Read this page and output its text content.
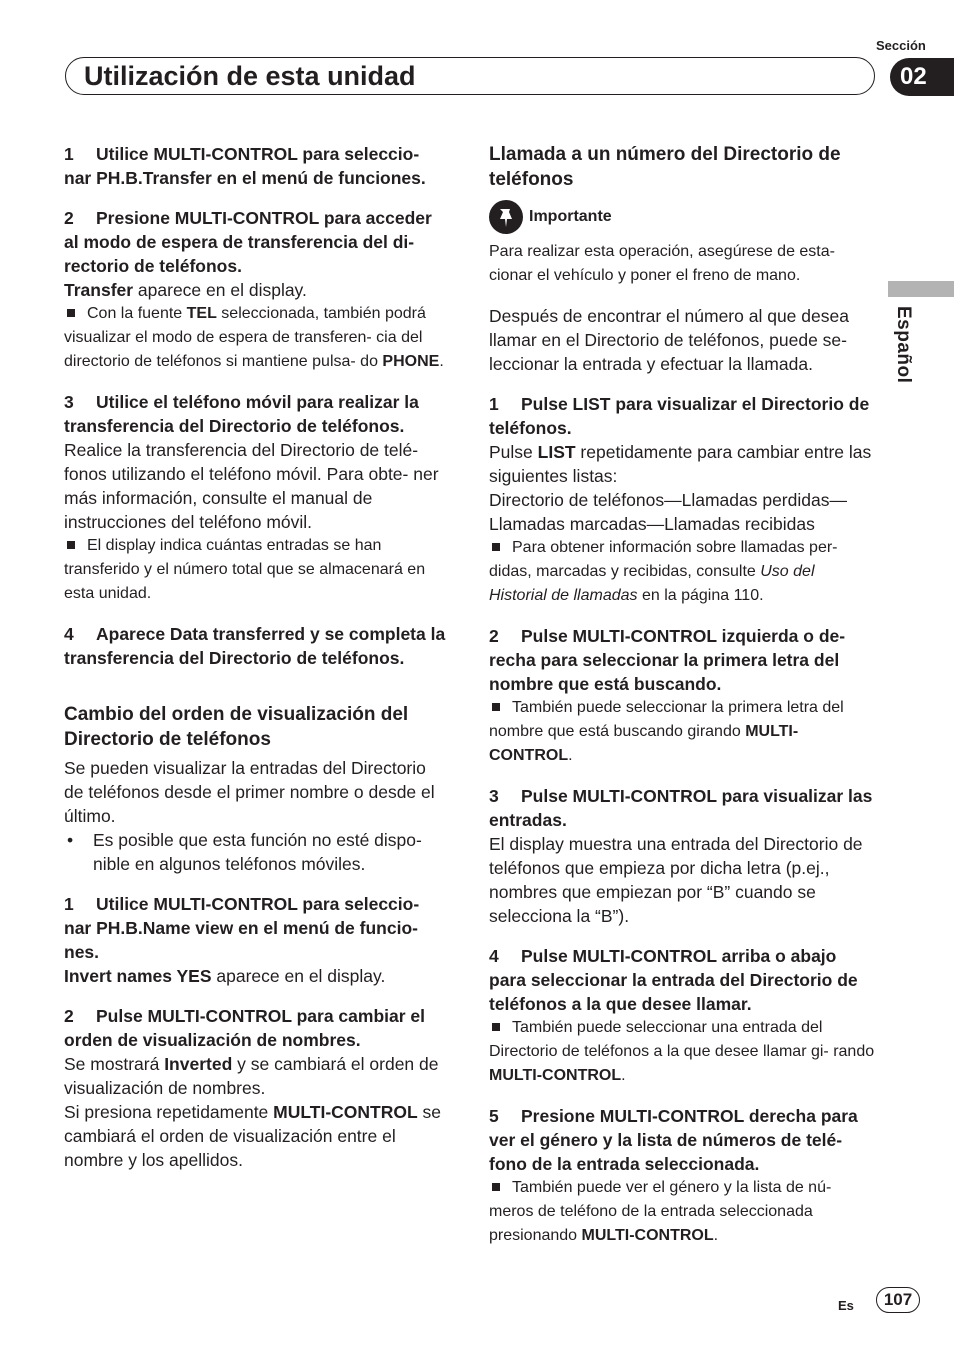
Utilización de esta unidad
Sección
02
Español

1 Utilice MULTI-CONTROL para seleccio- nar PH.B.Transfer en el menú de funciones.

2 Presione MULTI-CONTROL para acceder al modo de espera de transferencia del di- rectorio de teléfonos.

Transfer aparece en el display.

Con la fuente TEL seleccionada, también podrá visualizar el modo de espera de transferen- cia del directorio de teléfonos si mantiene pulsa- do PHONE.

3 Utilice el teléfono móvil para realizar la transferencia del Directorio de teléfonos.

Realice la transferencia del Directorio de telé- fonos utilizando el teléfono móvil. Para obte- ner más información, consulte el manual de instrucciones del teléfono móvil.

El display indica cuántas entradas se han transferido y el número total que se almacenará en esta unidad.

4 Aparece Data transferred y se completa la transferencia del Directorio de teléfonos.

Cambio del orden de visualización del Directorio de teléfonos

Se pueden visualizar la entradas del Directorio de teléfonos desde el primer nombre o desde el último.

•	Es posible que esta función no esté dispo- nible en algunos teléfonos móviles.

1 Utilice MULTI-CONTROL para seleccio- nar PH.B.Name view en el menú de funcio- nes.

Invert names YES aparece en el display.

2 Pulse MULTI-CONTROL para cambiar el orden de visualización de nombres.

Se mostrará Inverted y se cambiará el orden de visualización de nombres.
Si presiona repetidamente MULTI-CONTROL se cambiará el orden de visualización entre el nombre y los apellidos.

Llamada a un número del Directorio de teléfonos

Importante

Para realizar esta operación, asegúrese de esta- cionar el vehículo y poner el freno de mano.

Después de encontrar el número al que desea llamar en el Directorio de teléfonos, puede se- leccionar la entrada y efectuar la llamada.

1 Pulse LIST para visualizar el Directorio de teléfonos.

Pulse LIST repetidamente para cambiar entre las siguientes listas:

Directorio de teléfonos—Llamadas perdidas—Llamadas marcadas—Llamadas recibidas

Para obtener información sobre llamadas per- didas, marcadas y recibidas, consulte Uso del Historial de llamadas en la página 110.

2 Pulse MULTI-CONTROL izquierda o de- recha para seleccionar la primera letra del nombre que está buscando.

También puede seleccionar la primera letra del nombre que está buscando girando MULTI-CONTROL.

3 Pulse MULTI-CONTROL para visualizar las entradas.

El display muestra una entrada del Directorio de teléfonos que empieza por dicha letra (p.ej., nombres que empiezan por “B” cuando se selecciona la “B”).

4 Pulse MULTI-CONTROL arriba o abajo para seleccionar la entrada del Directorio de teléfonos a la que desee llamar.

También puede seleccionar una entrada del Directorio de teléfonos a la que desee llamar gi- rando MULTI-CONTROL.

5 Presione MULTI-CONTROL derecha para ver el género y la lista de números de telé- fono de la entrada seleccionada.

También puede ver el género y la lista de nú- meros de teléfono de la entrada seleccionada presionando MULTI-CONTROL.

Es	107
